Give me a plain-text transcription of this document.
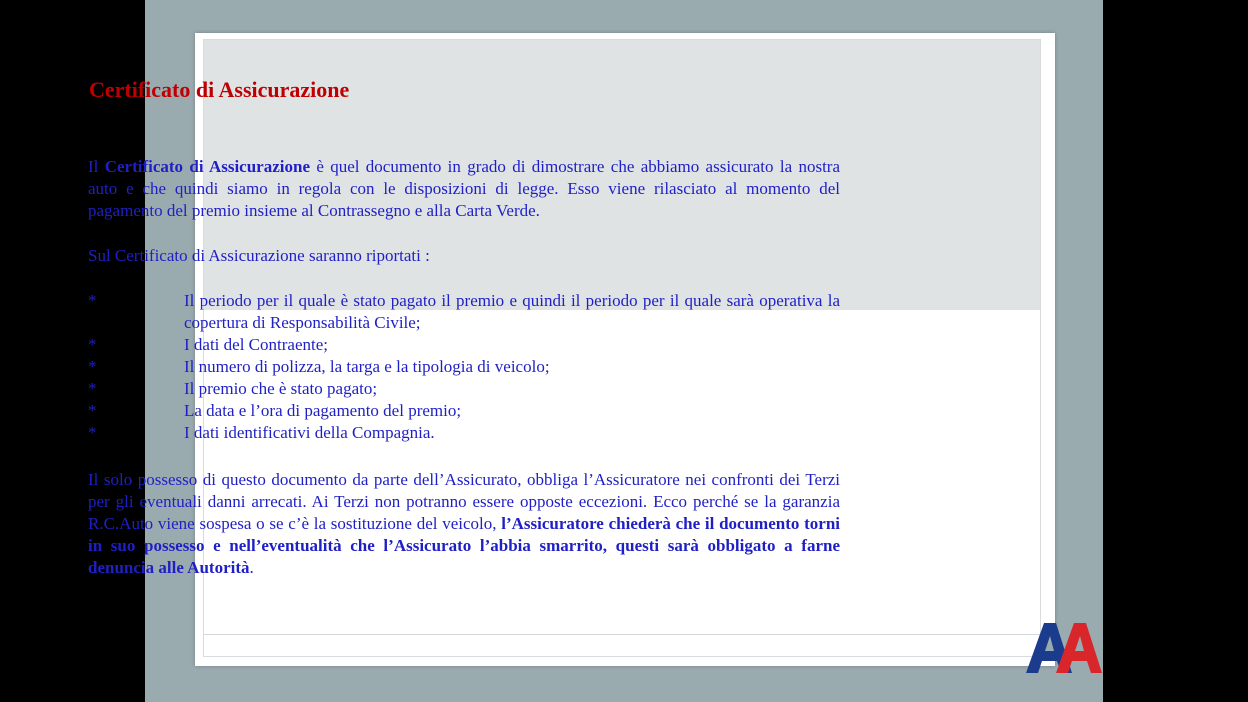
Certificato di Assicurazione

Il Certificato di Assicurazione è quel documento in grado di dimostrare che abbiamo assicurato la nostra auto e che quindi siamo in regola con le disposizioni di legge. Esso viene rilasciato al momento del pagamento del premio insieme al Contrassegno e alla Carta Verde.

Sul Certificato di Assicurazione saranno riportati :

*	Il periodo per il quale è stato pagato il premio e quindi il periodo per il quale sarà operativa la copertura di Responsabilità Civile;
*	I dati del Contraente;
*	Il numero di polizza, la targa e la tipologia di veicolo;
*	Il premio che è stato pagato;
*	La data e l’ora di pagamento del premio;
*	I dati identificativi della Compagnia.

Il solo possesso di questo documento da parte dell’Assicurato, obbliga l’Assicuratore nei confronti dei Terzi per gli eventuali danni arrecati. Ai Terzi non potranno essere opposte eccezioni. Ecco perché se la garanzia R.C.Auto viene sospesa o se c’è la sostituzione del veicolo, l’Assicuratore chiederà che il documento torni in suo possesso e nell’eventualità che l’Assicurato l’abbia smarrito, questi sarà obbligato a farne denuncia alle Autorità.
